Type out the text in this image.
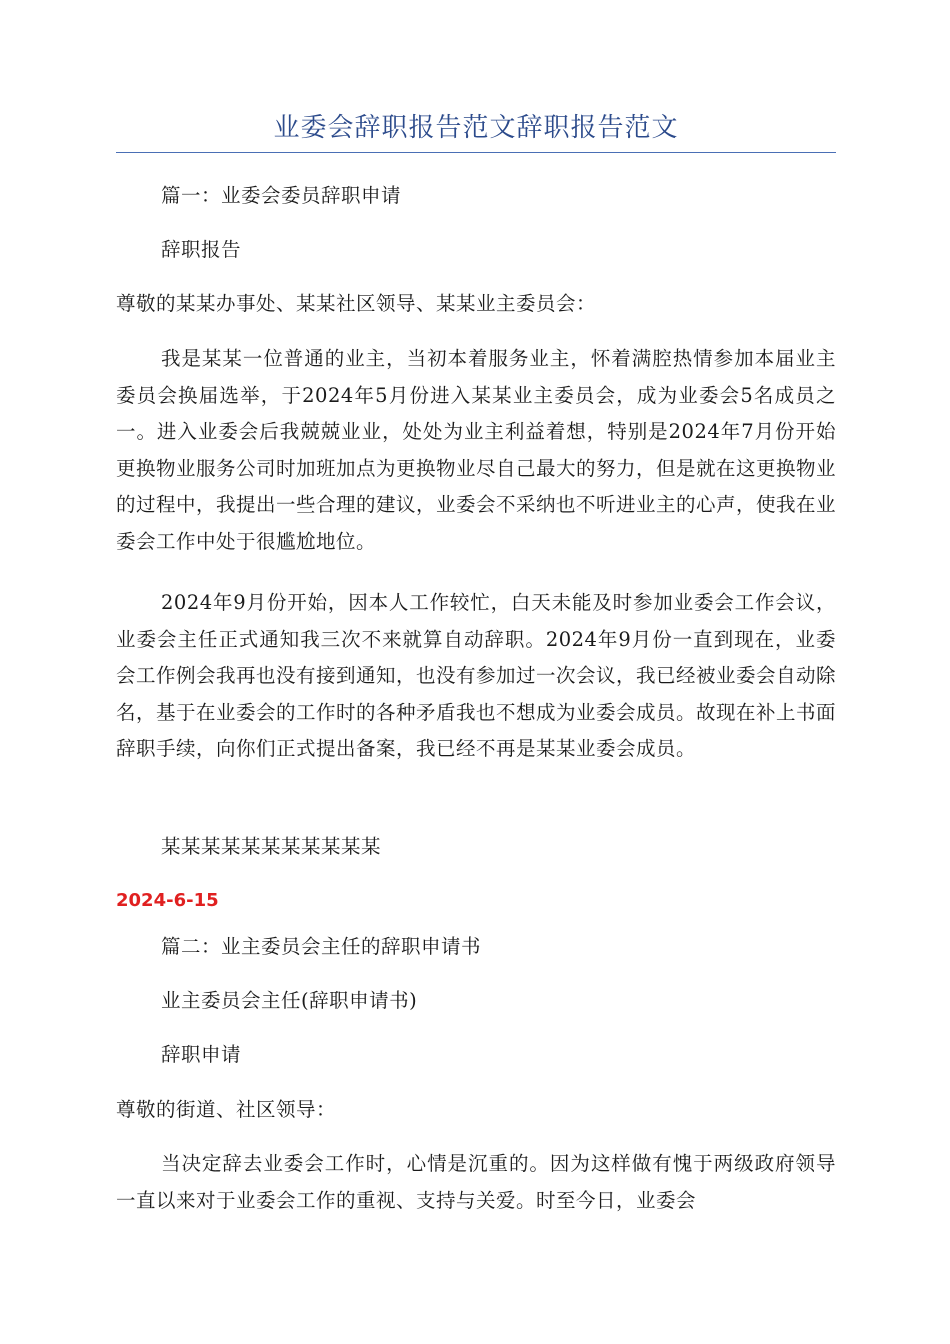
业委会辞职报告范文辞职报告范文

篇一：业委会委员辞职申请

辞职报告

尊敬的某某办事处、某某社区领导、某某业主委员会：

我是某某一位普通的业主，当初本着服务业主，怀着满腔热情参加本届业主委员会换届选举，于2024年5月份进入某某业主委员会，成为业委会5名成员之一。进入业委会后我兢兢业业，处处为业主利益着想，特别是2024年7月份开始更换物业服务公司时加班加点为更换物业尽自己最大的努力，但是就在这更换物业的过程中，我提出一些合理的建议，业委会不采纳也不听进业主的心声，使我在业委会工作中处于很尴尬地位。

2024年9月份开始，因本人工作较忙，白天未能及时参加业委会工作会议，业委会主任正式通知我三次不来就算自动辞职。2024年9月份一直到现在，业委会工作例会我再也没有接到通知，也没有参加过一次会议，我已经被业委会自动除名，基于在业委会的工作时的各种矛盾我也不想成为业委会成员。故现在补上书面辞职手续，向你们正式提出备案，我已经不再是某某业委会成员。

某某某某某某某某某某某

2024-6-15

篇二：业主委员会主任的辞职申请书

业主委员会主任(辞职申请书)

辞职申请

尊敬的街道、社区领导：

当决定辞去业委会工作时，心情是沉重的。因为这样做有愧于两级政府领导一直以来对于业委会工作的重视、支持与关爱。时至今日，业委会
